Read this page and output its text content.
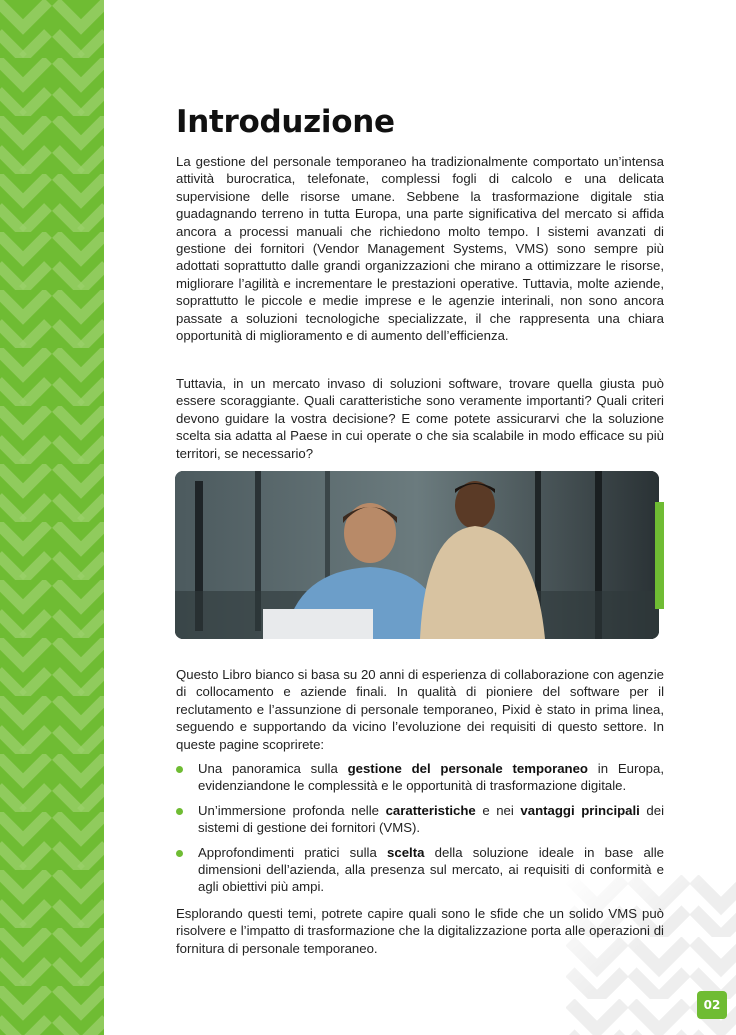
Introduzione

La gestione del personale temporaneo ha tradizionalmente comportato un’intensa attività burocratica, telefonate, complessi fogli di calcolo e una delicata supervisione delle risorse umane. Sebbene la trasformazione digitale stia guadagnando terreno in tutta Europa, una parte significativa del mercato si affida ancora a processi manuali che richiedono molto tempo. I sistemi avanzati di gestione dei fornitori (Vendor Management Systems, VMS) sono sempre più adottati soprattutto dalle grandi organizzazioni che mirano a ottimizzare le risorse, migliorare l’agilità e incrementare le prestazioni operative. Tuttavia, molte aziende, soprattutto le piccole e medie imprese e le agenzie interinali, non sono ancora passate a soluzioni tecnologiche specializzate, il che rappresenta una chiara opportunità di miglioramento e di aumento dell’efficienza.

Tuttavia, in un mercato invaso di soluzioni software, trovare quella giusta può essere scoraggiante. Quali caratteristiche sono veramente importanti? Quali criteri devono guidare la vostra decisione? E come potete assicurarvi che la soluzione scelta sia adatta al Paese in cui operate o che sia scalabile in modo efficace su più territori, se necessario?

Questo Libro bianco si basa su 20 anni di esperienza di collaborazione con agenzie di collocamento e aziende finali. In qualità di pioniere del software per il reclutamento e l’assunzione di personale temporaneo, Pixid è stato in prima linea, seguendo e supportando da vicino l’evoluzione dei requisiti di questo settore. In queste pagine scoprirete:

Una panoramica sulla gestione del personale temporaneo in Europa, evidenziandone le complessità e le opportunità di trasformazione digitale.
Un’immersione profonda nelle caratteristiche e nei vantaggi principali dei sistemi di gestione dei fornitori (VMS).
Approfondimenti pratici sulla scelta della soluzione ideale in base alle dimensioni dell’azienda, alla presenza sul mercato, ai requisiti di conformità e agli obiettivi più ampi.

Esplorando questi temi, potrete capire quali sono le sfide che un solido VMS può risolvere e l’impatto di trasformazione che la digitalizzazione porta alle operazioni di fornitura di personale temporaneo.

02
